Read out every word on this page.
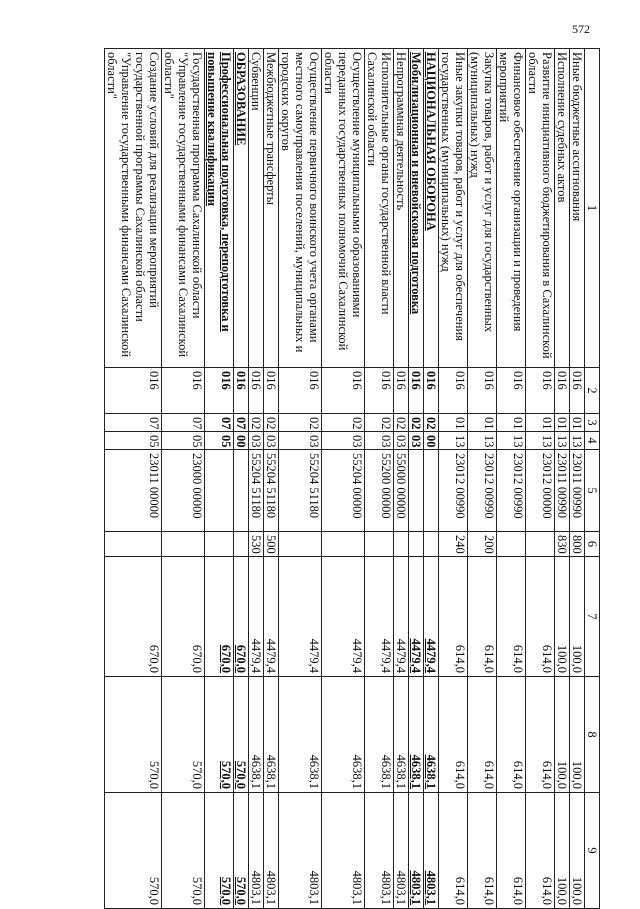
572
1	2	3	4	5	6	7	8	9
Иные бюджетные ассигнования	016	01	13	23011 00990	800	100,0	100,0	100,0
Исполнение судебных актов	016	01	13	23011 00990	830	100,0	100,0	100,0
Развитие инициативного бюджетирования в Сахалинской области	016	01	13	23012 00000		614,0	614,0	614,0
Финансовое обеспечение организации и проведения мероприятий	016	01	13	23012 00990		614,0	614,0	614,0
Закупка товаров, работ и услуг для государственных (муниципальных) нужд	016	01	13	23012 00990	200	614,0	614,0	614,0
Иные закупки товаров, работ и услуг для обеспечения государственных (муниципальных) нужд	016	01	13	23012 00990	240	614,0	614,0	614,0
НАЦИОНАЛЬНАЯ ОБОРОНА	016	02	00			4479,4	4638,1	4803,1
Мобилизационная и вневойсковая подготовка	016	02	03			4479,4	4638,1	4803,1
Непрограммная деятельность	016	02	03	55000 00000		4479,4	4638,1	4803,1
Исполнительные органы государственной власти Сахалинской области	016	02	03	55200 00000		4479,4	4638,1	4803,1
Осуществление муниципальными образованиями переданных государственных полномочий Сахалинской области	016	02	03	55204 00000		4479,4	4638,1	4803,1
Осуществление первичного воинского учета органами местного самоуправления поселений, муниципальных и городских округов	016	02	03	55204 51180		4479,4	4638,1	4803,1
Межбюджетные трансферты	016	02	03	55204 51180	500	4479,4	4638,1	4803,1
Субвенции	016	02	03	55204 51180	530	4479,4	4638,1	4803,1
ОБРАЗОВАНИЕ	016	07	00			670,0	570,0	570,0
Профессиональная подготовка, переподготовка и повышение квалификации	016	07	05			670,0	570,0	570,0
Государственная программа Сахалинской области "Управление государственными финансами Сахалинской области"	016	07	05	23000 00000		670,0	570,0	570,0
Создание условий для реализации мероприятий государственной программы Сахалинской области "Управление государственными финансами Сахалинской области"	016	07	05	23011 00000		670,0	570,0	570,0
